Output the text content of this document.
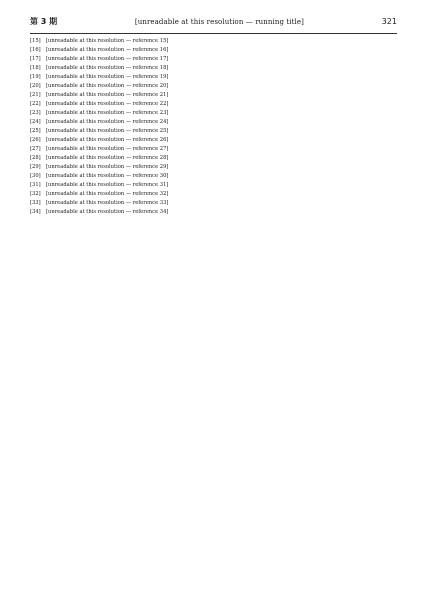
第 3 期	[unreadable at this resolution — running title]	321
[15]	[unreadable at this resolution — reference 15]
[16]	[unreadable at this resolution — reference 16]
[17]	[unreadable at this resolution — reference 17]
[18]	[unreadable at this resolution — reference 18]
[19]	[unreadable at this resolution — reference 19]
[20]	[unreadable at this resolution — reference 20]
[21]	[unreadable at this resolution — reference 21]
[22]	[unreadable at this resolution — reference 22]
[23]	[unreadable at this resolution — reference 23]
[24]	[unreadable at this resolution — reference 24]
[25]	[unreadable at this resolution — reference 25]
[26]	[unreadable at this resolution — reference 26]
[27]	[unreadable at this resolution — reference 27]
[28]	[unreadable at this resolution — reference 28]
[29]	[unreadable at this resolution — reference 29]
[30]	[unreadable at this resolution — reference 30]
[31]	[unreadable at this resolution — reference 31]
[32]	[unreadable at this resolution — reference 32]
[33]	[unreadable at this resolution — reference 33]
[34]	[unreadable at this resolution — reference 34]
